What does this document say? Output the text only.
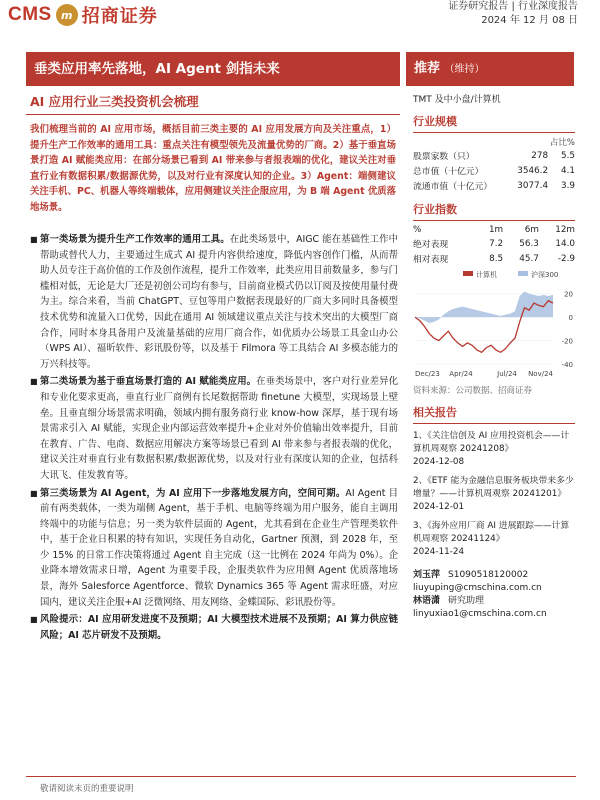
CMS m 招商证券	证券研究报告 | 行业深度报告
2024 年 12 月 08 日
垂类应用率先落地，AI Agent 剑指未来	推荐 （维持）
AI 应用行业三类投资机会梳理
我们梳理当前的 AI 应用市场，概括目前三类主要的 AI 应用发展方向及关注重点，1）提升生产工作效率的通用工具：重点关注有模型领先及流量优势的厂商。2）基于垂直场景打造 AI 赋能类应用：在部分场景已看到 AI 带来参与者报表端的优化，建议关注对垂直行业有数据积累/数据源优势，以及对行业有深度认知的企业。3）Agent：端侧建议关注手机、PC、机器人等终端载体，应用侧建议关注企服应用，为 B 端 Agent 优质落地场景。
■ 第一类场景为提升生产工作效率的通用工具。在此类场景中，AIGC 能在基础性工作中帮助或替代人力，主要通过生成式 AI 提升内容供给速度，降低内容创作门槛，从而帮助人员专注于高价值的工作及创作流程，提升工作效率，此类应用目前数量多，参与门槛相对低，无论是大厂还是初创公司均有参与，目前商业模式仍以订阅及按使用量付费为主。综合来看，当前 ChatGPT、豆包等用户数据表现最好的厂商大多同时具备模型技术优势和流量入口优势，因此在通用 AI 领域建议重点关注与技术突出的大模型厂商合作，同时本身具备用户及流量基础的应用厂商合作，如优质办公场景工具金山办公（WPS AI）、福昕软件、彩讯股份等，以及基于 Filmora 等工具结合 AI 多模态能力的万兴科技等。
■ 第二类场景为基于垂直场景打造的 AI 赋能类应用。在垂类场景中，客户对行业差异化和专业化要求更高，垂直行业厂商例有长尾数据帮助 finetune 大模型，实现场景上壁垒。且垂直细分场景需求明确，领域内拥有服务商行业 know-how 深厚，基于现有场景需求引入 AI 赋能，实现企业内部运营效率提升+企业对外价值输出效率提升，目前在教育、广告、电商、数据应用解决方案等场景已看到 AI 带来参与者报表端的优化，建议关注对垂直行业有数据积累/数据源优势，以及对行业有深度认知的企业，包括科大讯飞、佳发教育等。
■ 第三类场景为 AI Agent，为 AI 应用下一步落地发展方向，空间可期。AI Agent 目前有两类载体，一类为端侧 Agent，基于手机、电脑等终端为用户服务，能自主调用终端中的功能与信息；另一类为软件层面的 Agent，尤其看到在企业生产管理类软件中，基于企业日积累的特有知识，实现任务自动化，Gartner 预测，到 2028 年，至少 15% 的日常工作决策将通过 Agent 自主完成（这一比例在 2024 年尚为 0%）。企业降本增效需求日增，Agent 为重要手段，企服类软件为应用侧 Agent 优质落地场景，海外 Salesforce Agentforce、微软 Dynamics 365 等 Agent 需求旺盛，对应国内，建议关注企服+AI 泛微网络、用友网络、金蝶国际、彩讯股份等。
■ 风险提示：AI 应用研发进度不及预期；AI 大模型技术进展不及预期；AI 算力供应链风险；AI 芯片研发不及预期。
TMT 及中小盘/计算机
行业规模
占比%
股票家数（只）	278	5.5
总市值（十亿元）	3546.2	4.1
流通市值（十亿元）	3077.4	3.9
行业指数
%	1m	6m	12m
绝对表现	7.2	56.3	14.0
相对表现	8.5	45.7	-2.9
计算机	沪深300
20
0
-20
-40
Dec/23 Apr/24	Jul/24 Nov/24
资料来源：公司数据、招商证券
相关报告
1、《关注信创及 AI 应用投资机会——计算机周观察 20241208》
2024-12-08
2、《ETF 能为金融信息服务板块带来多少增量？——计算机周观察 20241201》
2024-12-01
3、《海外应用厂商 AI 进展跟踪——计算机周观察 20241124》
2024-11-24
刘玉萍 S1090518120002
liuyuping@cmschina.com.cn
林语潇 研究助理
linyuxiao1@cmschina.com.cn
敬请阅读末页的重要说明
